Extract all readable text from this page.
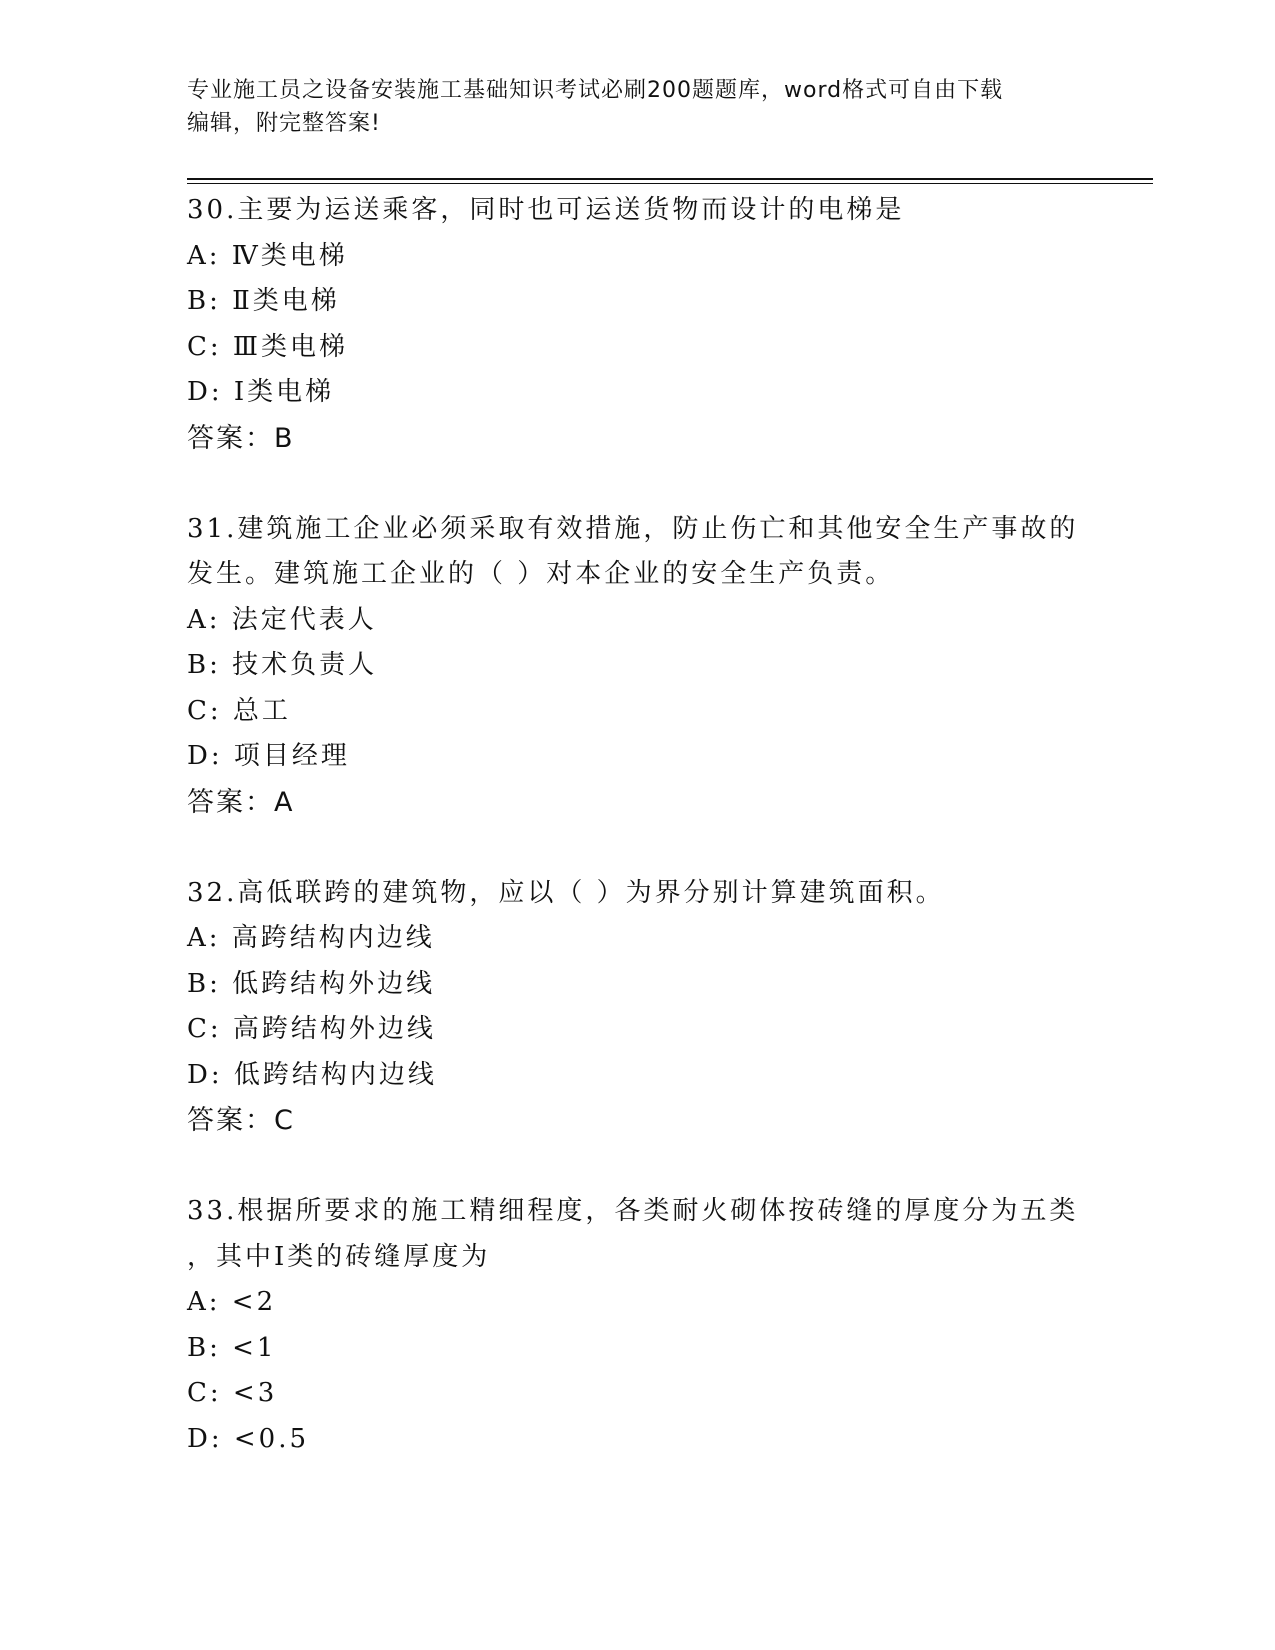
专业施工员之设备安装施工基础知识考试必刷200题题库，word格式可自由下载
编辑，附完整答案!
30.主要为运送乘客，同时也可运送货物而设计的电梯是
A: Ⅳ类电梯
B: Ⅱ类电梯
C: Ⅲ类电梯
D: Ⅰ类电梯
答案：B
31.建筑施工企业必须采取有效措施，防止伤亡和其他安全生产事故的
发生。建筑施工企业的（ ）对本企业的安全生产负责。
A: 法定代表人
B: 技术负责人
C: 总工
D: 项目经理
答案：A
32.高低联跨的建筑物，应以（ ）为界分别计算建筑面积。
A: 高跨结构内边线
B: 低跨结构外边线
C: 高跨结构外边线
D: 低跨结构内边线
答案：C
33.根据所要求的施工精细程度，各类耐火砌体按砖缝的厚度分为五类
，其中Ⅰ类的砖缝厚度为
A: <2
B: <1
C: <3
D: <0.5
